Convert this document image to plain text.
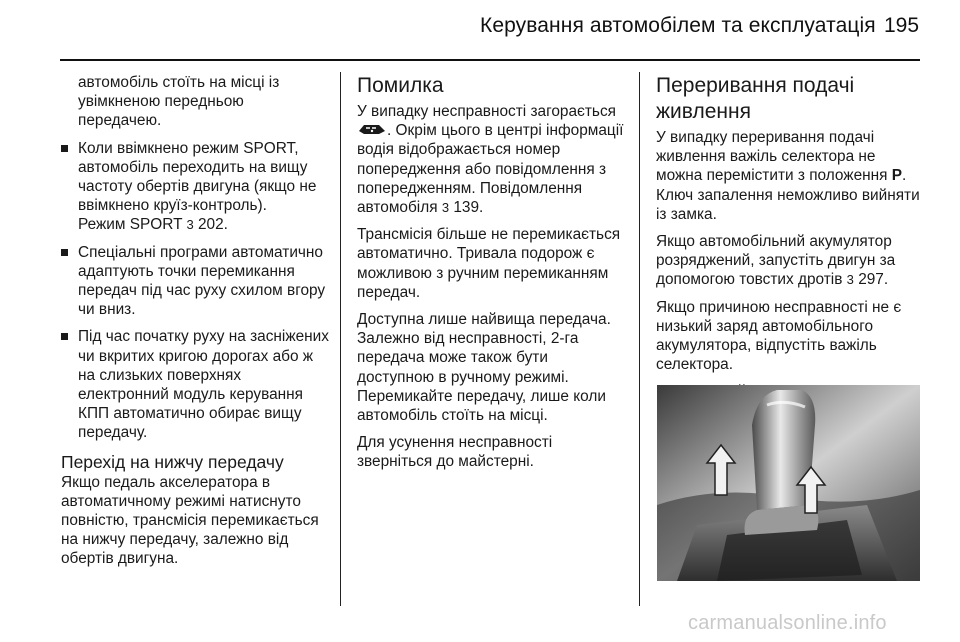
Керування автомобілем та експлуатація 195

автомобіль стоїть на місці із увімкненою передньою передачею.

Коли ввімкнено режим SPORT, автомобіль переходить на вищу частоту обертів двигуна (якщо не ввімкнено круїз-контроль).
Режим SPORT 3 202.
Спеціальні програми автоматично адаптують точки перемикання передач під час руху схилом вгору чи вниз.
Під час початку руху на засніжених чи вкритих кригою дорогах або ж на слизьких поверхнях електронний модуль керування КПП автоматично обирає вищу передачу.
Перехід на нижчу передачу

Якщо педаль акселератора в автоматичному режимі натиснуто повністю, трансмісія перемикається на нижчу передачу, залежно від обертів двигуна.

Помилка

У випадку несправності загорається . Окрім цього в центрі інформації водія відображається номер попередження або повідомлення з попередженням. Повідомлення автомобіля 3 139.

Трансмісія більше не перемикається автоматично. Тривала подорож є можливою з ручним перемиканням передач.

Доступна лише найвища передача. Залежно від несправності, 2-га передача може також бути доступною в ручному режимі. Перемикайте передачу, лише коли автомобіль стоїть на місці.

Для усунення несправності зверніться до майстерні.

Переривання подачі
живлення

У випадку переривання подачі живлення важіль селектора не можна перемістити з положення P. Ключ запалення неможливо вийняти із замка.

Якщо автомобільний акумулятор розряджений, запустіть двигун за допомогою товстих дротів 3 297.

Якщо причиною несправності не є низький заряд автомобільного акумулятора, відпустіть важіль селектора.

carmanualsonline.info
